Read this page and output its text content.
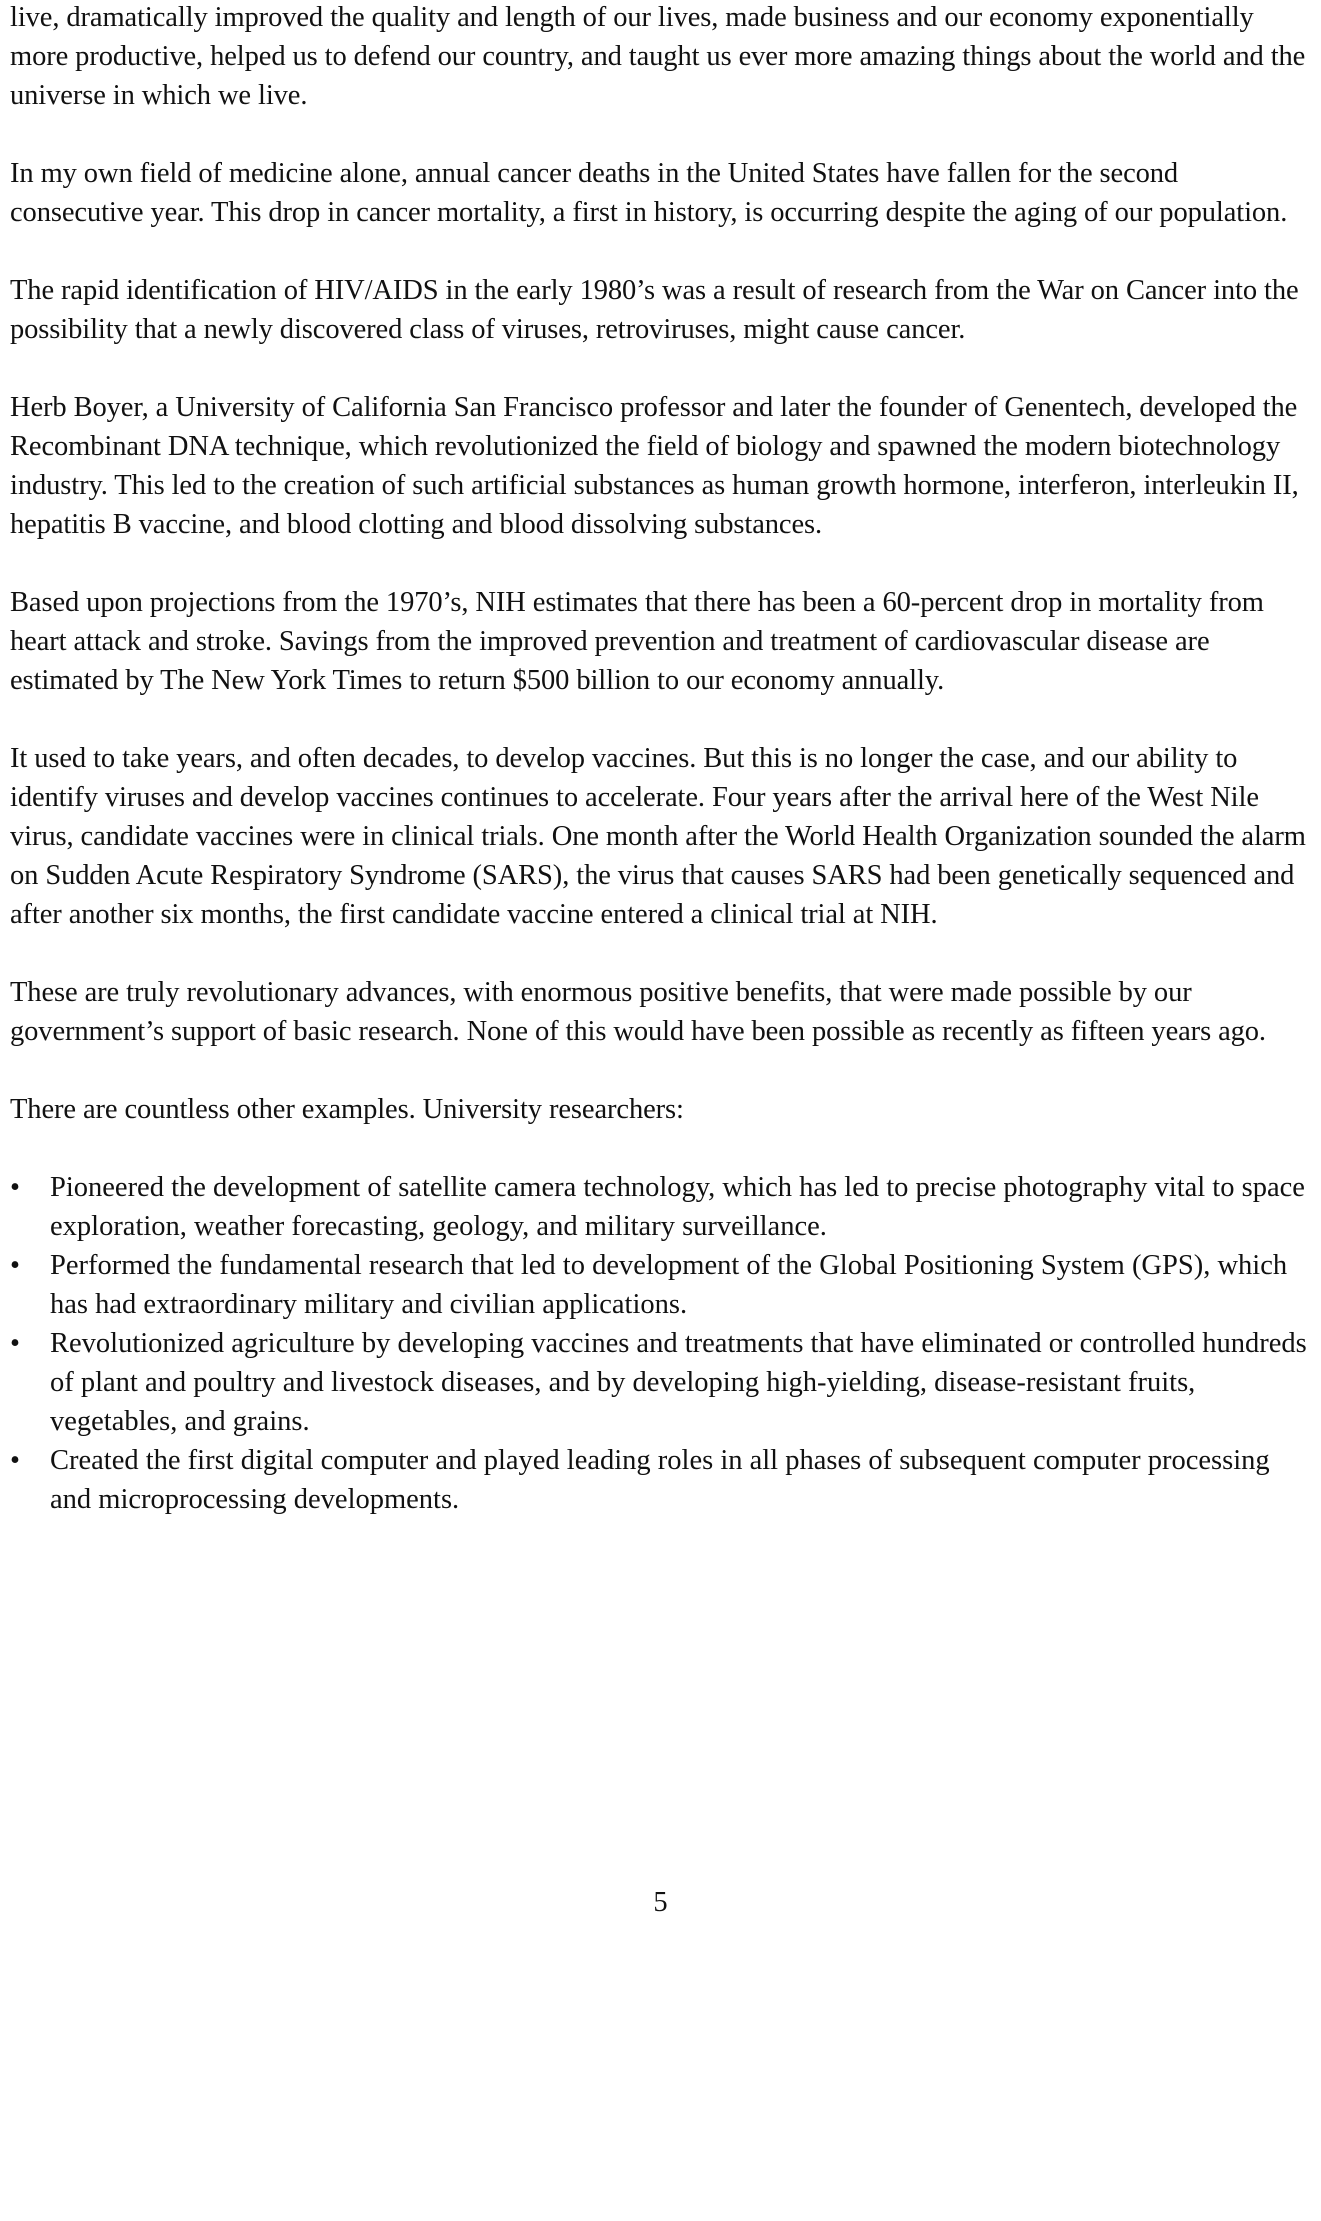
live, dramatically improved the quality and length of our lives, made business and our economy exponentially more productive, helped us to defend our country, and taught us ever more amazing things about the world and the universe in which we live.

In my own field of medicine alone, annual cancer deaths in the United States have fallen for the second consecutive year. This drop in cancer mortality, a first in history, is occurring despite the aging of our population.

The rapid identification of HIV/AIDS in the early 1980’s was a result of research from the War on Cancer into the possibility that a newly discovered class of viruses, retroviruses, might cause cancer.

Herb Boyer, a University of California San Francisco professor and later the founder of Genentech, developed the Recombinant DNA technique, which revolutionized the field of biology and spawned the modern biotechnology industry. This led to the creation of such artificial substances as human growth hormone, interferon, interleukin II, hepatitis B vaccine, and blood clotting and blood dissolving substances.

Based upon projections from the 1970’s, NIH estimates that there has been a 60-percent drop in mortality from heart attack and stroke. Savings from the improved prevention and treatment of cardiovascular disease are estimated by The New York Times to return $500 billion to our economy annually.

It used to take years, and often decades, to develop vaccines. But this is no longer the case, and our ability to identify viruses and develop vaccines continues to accelerate. Four years after the arrival here of the West Nile virus, candidate vaccines were in clinical trials. One month after the World Health Organization sounded the alarm on Sudden Acute Respiratory Syndrome (SARS), the virus that causes SARS had been genetically sequenced and after another six months, the first candidate vaccine entered a clinical trial at NIH.

These are truly revolutionary advances, with enormous positive benefits, that were made possible by our government’s support of basic research. None of this would have been possible as recently as fifteen years ago.

There are countless other examples. University researchers:

•	Pioneered the development of satellite camera technology, which has led to precise photography vital to space exploration, weather forecasting, geology, and military surveillance.
•	Performed the fundamental research that led to development of the Global Positioning System (GPS), which has had extraordinary military and civilian applications.
•	Revolutionized agriculture by developing vaccines and treatments that have eliminated or controlled hundreds of plant and poultry and livestock diseases, and by developing high-yielding, disease-resistant fruits, vegetables, and grains.
•	Created the first digital computer and played leading roles in all phases of subsequent computer processing and microprocessing developments.
5
